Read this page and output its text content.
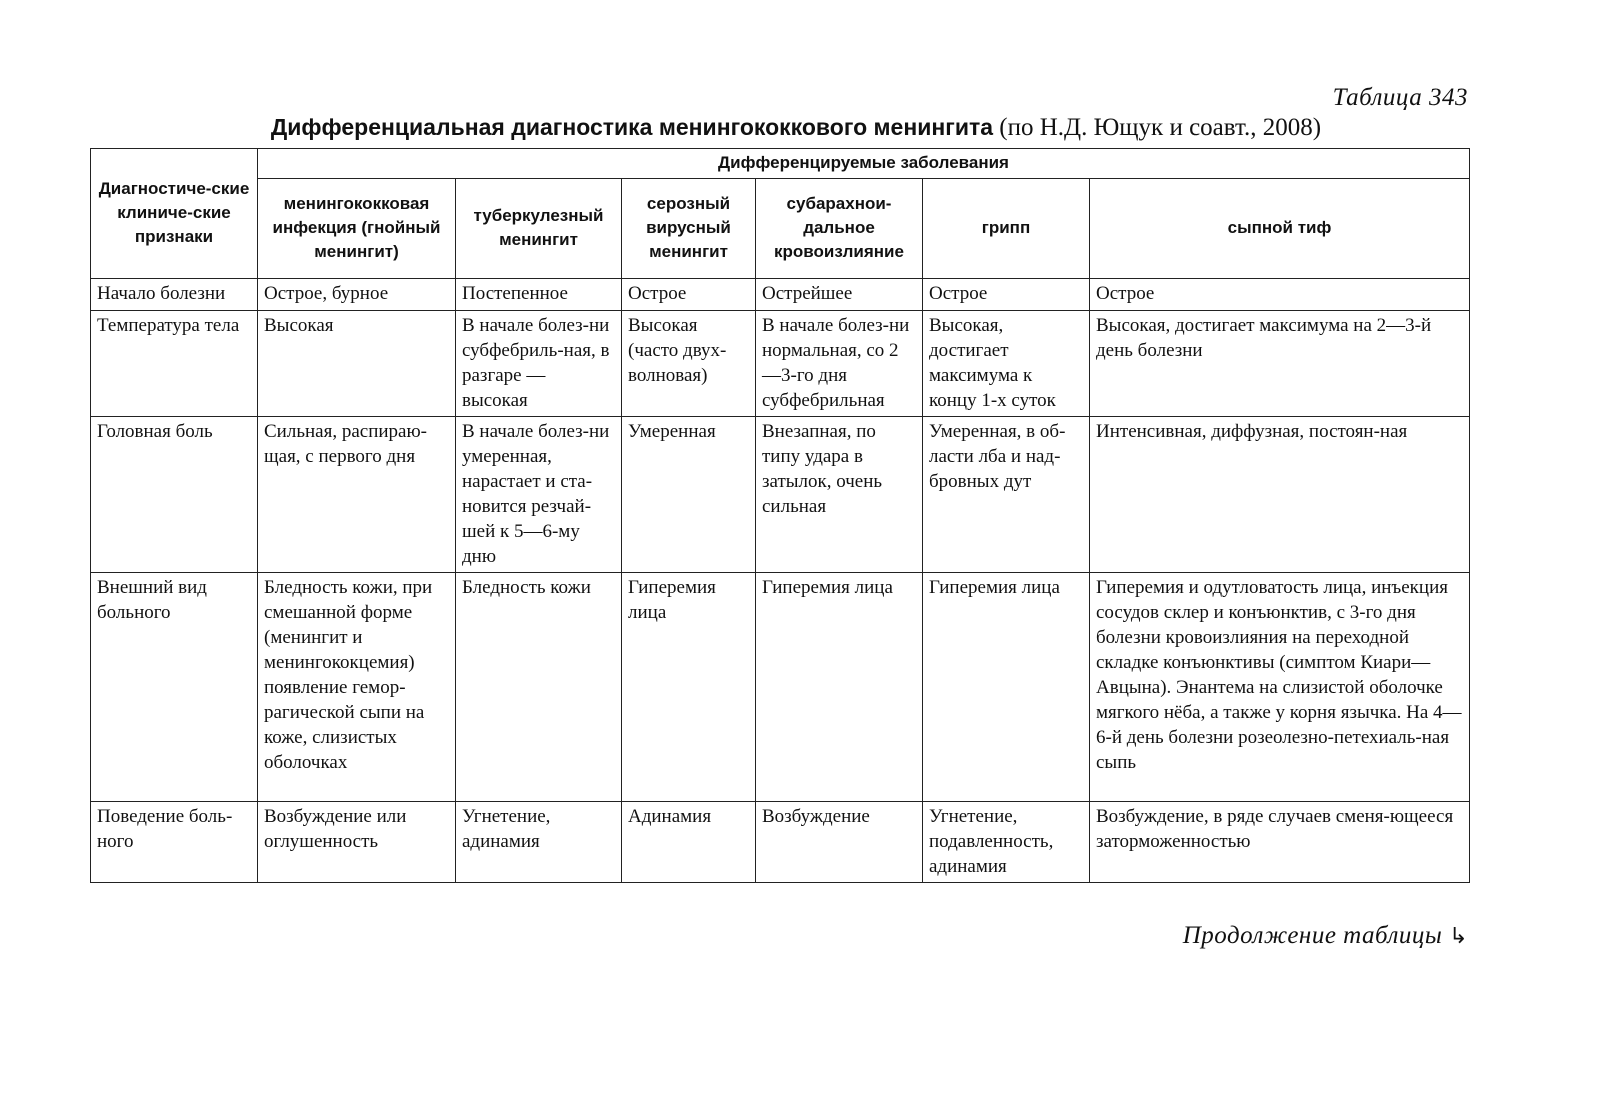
Таблица 343
Дифференциальная диагностика менингококкового менингита (по Н.Д. Ющук и соавт., 2008)
Диагностиче-ские клиниче-ские признаки	Дифференцируемые заболевания					
	менингококковая инфекция (гнойный менингит)	туберкулезный менингит	серозный вирусный менингит	субарахнои-дальное кровоизлияние	грипп	сыпной тиф
Начало болезни	Острое, бурное	Постепенное	Острое	Острейшее	Острое	Острое
Температура тела	Высокая	В начале болез-ни субфебриль-ная, в разгаре — высокая	Высокая (часто двух-волновая)	В начале болез-ни нормальная, со 2—3-го дня субфебрильная	Высокая, достигает максимума к концу 1-х суток	Высокая, достигает максимума на 2—3-й день болезни
Головная боль	Сильная, распираю-щая, с первого дня	В начале болез-ни умеренная, нарастает и ста-новится резчай-шей к 5—6-му дню	Умеренная	Внезапная, по типу удара в затылок, очень сильная	Умеренная, в об-ласти лба и над-бровных дут	Интенсивная, диффузная, постоян-ная
Внешний вид больного	Бледность кожи, при смешанной форме (менингит и менингококцемия) появление гемор-рагической сыпи на коже, слизистых оболочках	Бледность кожи	Гиперемия лица	Гиперемия лица	Гиперемия лица	Гиперемия и одутловатость лица, инъекция сосудов склер и конъюнктив, с 3-го дня болезни кровоизлияния на переходной складке конъюнктивы (симптом Киари—Авцына). Энантема на слизистой оболочке мягкого нёба, а также у корня язычка. На 4—6-й день болезни розеолезно-петехиаль-ная сыпь
Поведение боль-ного	Возбуждение или оглушенность	Угнетение, адинамия	Адинамия	Возбуждение	Угнетение, подавленность, адинамия	Возбуждение, в ряде случаев сменя-ющееся заторможенностью
Продолжение таблицы ↳
